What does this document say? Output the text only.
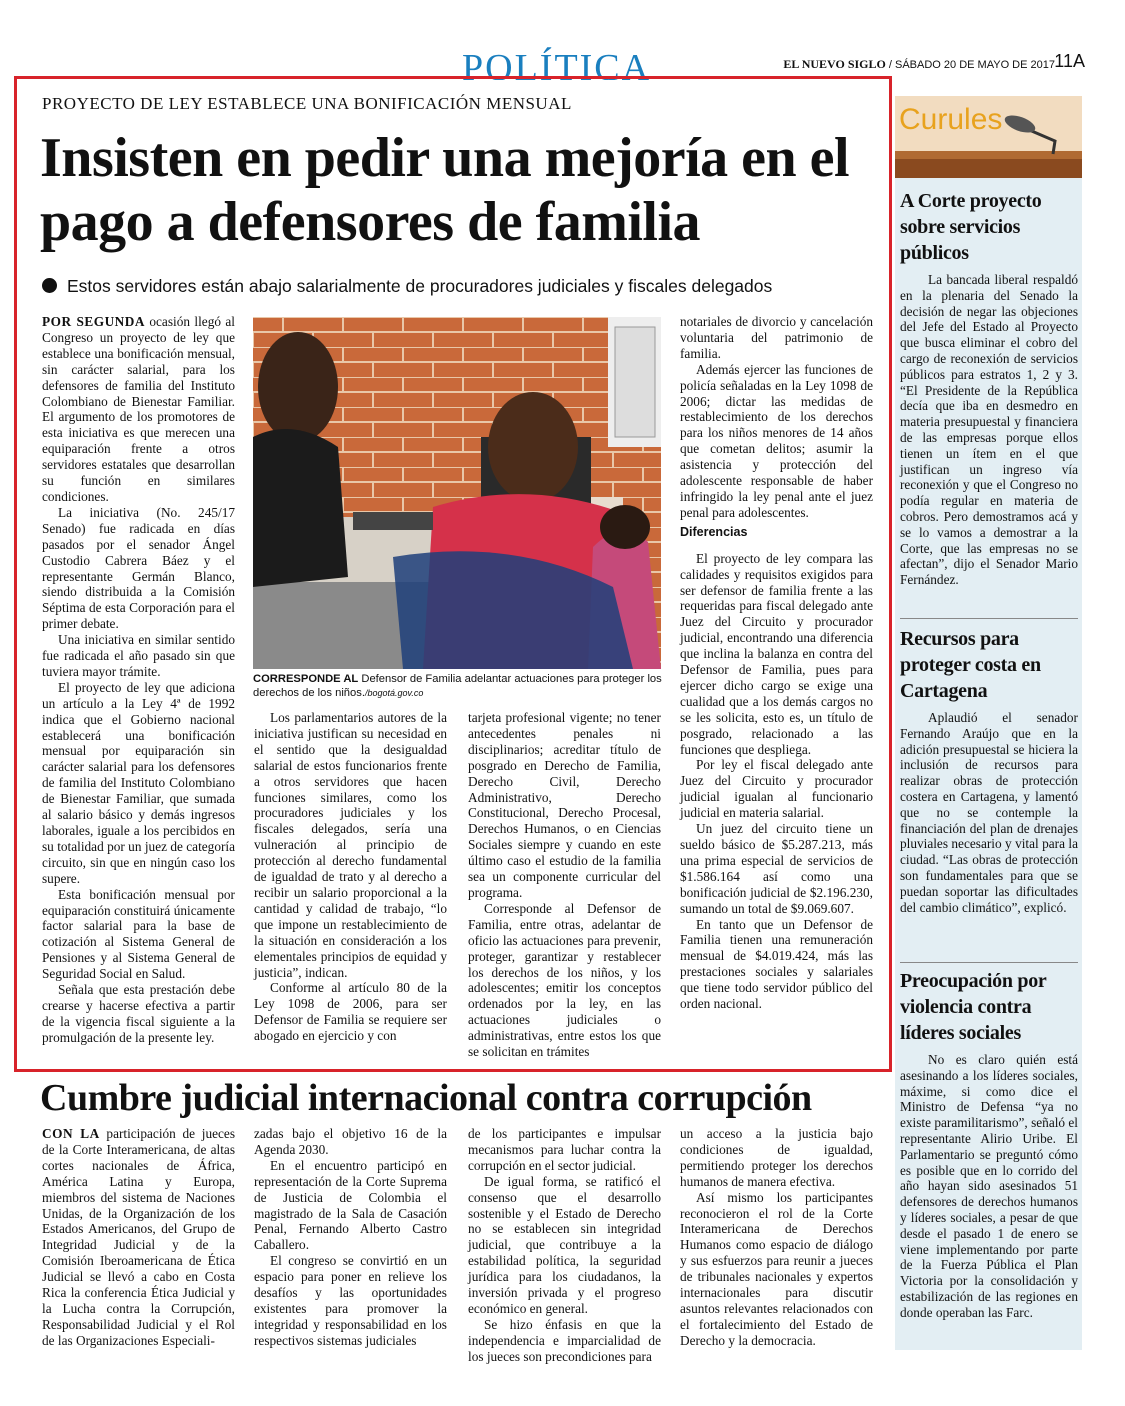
POLÍTICA	EL NUEVO SIGLO / SÁBADO 20 DE MAYO DE 2017 11A
PROYECTO DE LEY ESTABLECE UNA BONIFICACIÓN MENSUAL
Insisten en pedir una mejoría en el pago a defensores de familia
Estos servidores están abajo salarialmente de procuradores judiciales y fiscales delegados

POR SEGUNDA ocasión llegó al Congreso un proyecto de ley que establece una bonificación mensual, sin carácter salarial, para los defensores de familia del Instituto Colombiano de Bienestar Familiar. El argumento de los promotores de esta iniciativa es que merecen una equiparación frente a otros servidores estatales que desarrollan su función en similares condiciones.

La iniciativa (No. 245/17 Senado) fue radicada en días pasados por el senador Ángel Custodio Cabrera Báez y el representante Germán Blanco, siendo distribuida a la Comisión Séptima de esta Corporación para el primer debate.

Una iniciativa en similar sentido fue radicada el año pasado sin que tuviera mayor trámite.

El proyecto de ley que adiciona un artículo a la Ley 4ª de 1992 indica que el Gobierno nacional establecerá una bonificación mensual por equiparación sin carácter salarial para los defensores de familia del Instituto Colombiano de Bienestar Familiar, que sumada al salario básico y demás ingresos laborales, iguale a los percibidos en su totalidad por un juez de categoría circuito, sin que en ningún caso los supere.

Esta bonificación mensual por equiparación constituirá únicamente factor salarial para la base de cotización al Sistema General de Pensiones y al Sistema General de Seguridad Social en Salud.

Señala que esta prestación debe crearse y hacerse efectiva a partir de la vigencia fiscal siguiente a la promulgación de la presente ley.

CORRESPONDE AL Defensor de Familia adelantar actuaciones para proteger los derechos de los niños./bogotá.gov.co

Los parlamentarios autores de la iniciativa justifican su necesidad en el sentido que la desigualdad salarial de estos funcionarios frente a otros servidores que hacen funciones similares, como los procuradores judiciales y los fiscales delegados, sería una vulneración al principio de protección al derecho fundamental de igualdad de trato y al derecho a recibir un salario proporcional a la cantidad y calidad de trabajo, “lo que impone un restablecimiento de la situación en consideración a los elementales principios de equidad y justicia”, indican.

Conforme al artículo 80 de la Ley 1098 de 2006, para ser Defensor de Familia se requiere ser abogado en ejercicio y con

tarjeta profesional vigente; no tener antecedentes penales ni disciplinarios; acreditar título de posgrado en Derecho de Familia, Derecho Civil, Derecho Administrativo, Derecho Constitucional, Derecho Procesal, Derechos Humanos, o en Ciencias Sociales siempre y cuando en este último caso el estudio de la familia sea un componente curricular del programa.

Corresponde al Defensor de Familia, entre otras, adelantar de oficio las actuaciones para prevenir, proteger, garantizar y restablecer los derechos de los niños, y los adolescentes; emitir los conceptos ordenados por la ley, en las actuaciones judiciales o administrativas, entre estos los que se solicitan en trámites

notariales de divorcio y cancelación voluntaria del patrimonio de familia.

Además ejercer las funciones de policía señaladas en la Ley 1098 de 2006; dictar las medidas de restablecimiento de los derechos para los niños menores de 14 años que cometan delitos; asumir la asistencia y protección del adolescente responsable de haber infringido la ley penal ante el juez penal para adolescentes.

Diferencias

El proyecto de ley compara las calidades y requisitos exigidos para ser defensor de familia frente a las requeridas para fiscal delegado ante Juez del Circuito y procurador judicial, encontrando una diferencia que inclina la balanza en contra del Defensor de Familia, pues para ejercer dicho cargo se exige una cualidad que a los demás cargos no se les solicita, esto es, un título de posgrado, relacionado a las funciones que despliega.

Por ley el fiscal delegado ante Juez del Circuito y procurador judicial igualan al funcionario judicial en materia salarial.

Un juez del circuito tiene un sueldo básico de $5.287.213, más una prima especial de servicios de $1.586.164 así como una bonificación judicial de $2.196.230, sumando un total de $9.069.607.

En tanto que un Defensor de Familia tienen una remuneración mensual de $4.019.424, más las prestaciones sociales y salariales que tiene todo servidor público del orden nacional.

Cumbre judicial internacional contra corrupción

CON LA participación de jueces de la Corte Interamericana, de altas cortes nacionales de África, América Latina y Europa, miembros del sistema de Naciones Unidas, de la Organización de los Estados Americanos, del Grupo de Integridad Judicial y de la Comisión Iberoamericana de Ética Judicial se llevó a cabo en Costa Rica la conferencia Ética Judicial y la Lucha contra la Corrupción, Responsabilidad Judicial y el Rol de las Organizaciones Especiali-

zadas bajo el objetivo 16 de la Agenda 2030.

En el encuentro participó en representación de la Corte Suprema de Justicia de Colombia el magistrado de la Sala de Casación Penal, Fernando Alberto Castro Caballero.

El congreso se convirtió en un espacio para poner en relieve los desafíos y las oportunidades existentes para promover la integridad y responsabilidad en los respectivos sistemas judiciales

de los participantes e impulsar mecanismos para luchar contra la corrupción en el sector judicial.

De igual forma, se ratificó el consenso que el desarrollo sostenible y el Estado de Derecho no se establecen sin integridad judicial, que contribuye a la estabilidad política, la seguridad jurídica para los ciudadanos, la inversión privada y el progreso económico en general.

Se hizo énfasis en que la independencia e imparcialidad de los jueces son precondiciones para

un acceso a la justicia bajo condiciones de igualdad, permitiendo proteger los derechos humanos de manera efectiva.

Así mismo los participantes reconocieron el rol de la Corte Interamericana de Derechos Humanos como espacio de diálogo y sus esfuerzos para reunir a jueces de tribunales nacionales y expertos internacionales para discutir asuntos relevantes relacionados con el fortalecimiento del Estado de Derecho y la democracia.

Curules
A Corte proyecto sobre servicios públicos

La bancada liberal respaldó en la plenaria del Senado la decisión de negar las objeciones del Jefe del Estado al Proyecto que busca eliminar el cobro del cargo de reconexión de servicios públicos para estratos 1, 2 y 3. “El Presidente de la República decía que iba en desmedro en materia presupuestal y financiera de las empresas porque ellos tienen un ítem en el que justifican un ingreso vía reconexión y que el Congreso no podía regular en materia de cobros. Pero demostramos acá y se lo vamos a demostrar a la Corte, que las empresas no se afectan”, dijo el Senador Mario Fernández.

Recursos para proteger costa en Cartagena

Aplaudió el senador Fernando Araújo que en la adición presupuestal se hiciera la inclusión de recursos para realizar obras de protección costera en Cartagena, y lamentó que no se contemple la financiación del plan de drenajes pluviales necesario y vital para la ciudad. “Las obras de protección son fundamentales para que se puedan soportar las dificultades del cambio climático”, explicó.

Preocupación por violencia contra líderes sociales

No es claro quién está asesinando a los líderes sociales, máxime, si como dice el Ministro de Defensa “ya no existe paramilitarismo”, señaló el representante Alirio Uribe. El Parlamentario se preguntó cómo es posible que en lo corrido del año hayan sido asesinados 51 defensores de derechos humanos y líderes sociales, a pesar de que desde el pasado 1 de enero se viene implementando por parte de la Fuerza Pública el Plan Victoria por la consolidación y estabilización de las regiones en donde operaban las Farc.
